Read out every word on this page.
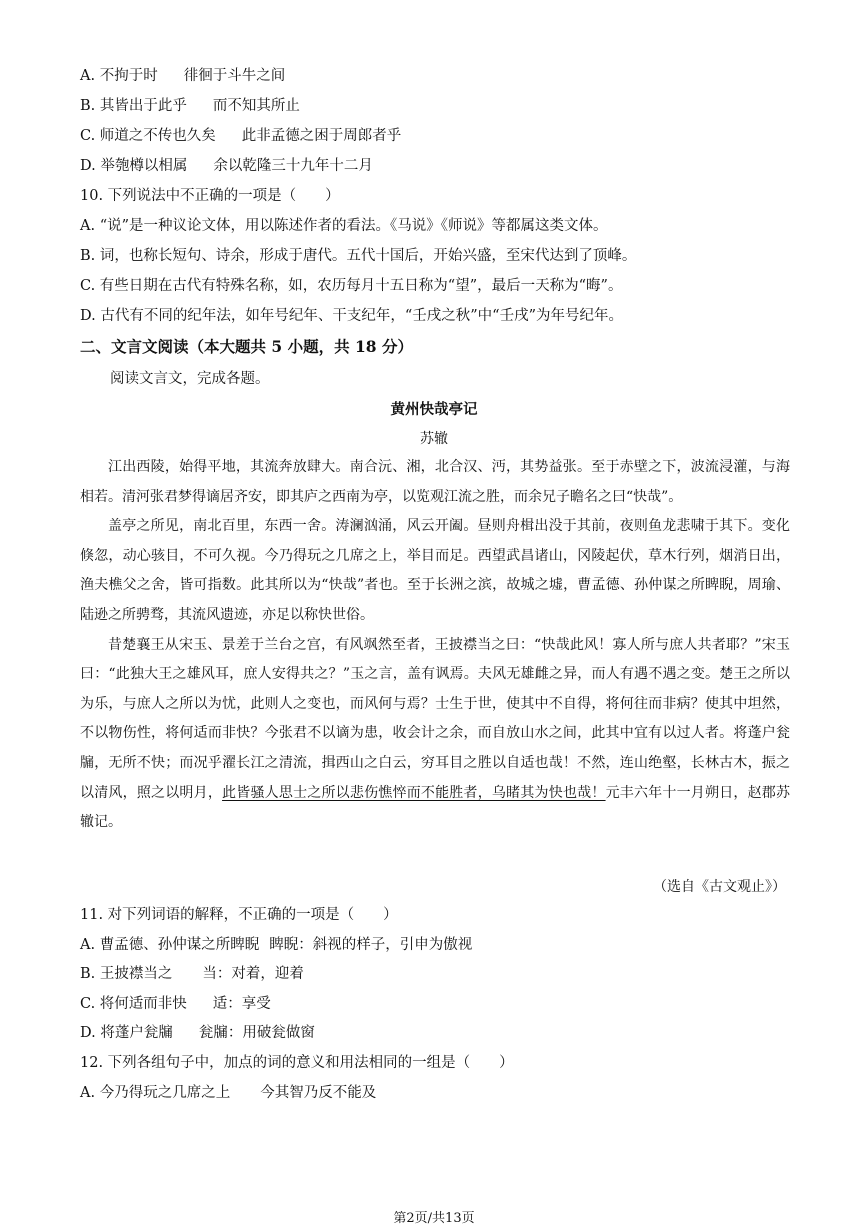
A. 不拘于时 徘徊于斗牛之间
B. 其皆出于此乎 而不知其所止
C. 师道之不传也久矣 此非孟德之困于周郎者乎
D. 举匏樽以相属 余以乾隆三十九年十二月
10. 下列说法中不正确的一项是（　　）
A. “说”是一种议论文体，用以陈述作者的看法。《马说》《师说》等都属这类文体。
B. 词，也称长短句、诗余，形成于唐代。五代十国后，开始兴盛，至宋代达到了顶峰。
C. 有些日期在古代有特殊名称，如，农历每月十五日称为“望”，最后一天称为“晦”。
D. 古代有不同的纪年法，如年号纪年、干支纪年，“壬戌之秋”中“壬戌”为年号纪年。
二、文言文阅读（本大题共 5 小题，共 18 分）
阅读文言文，完成各题。
黄州快哉亭记
苏辙

江出西陵，始得平地，其流奔放肆大。南合沅、湘，北合汉、沔，其势益张。至于赤壁之下，波流浸灌，与海相若。清河张君梦得谪居齐安，即其庐之西南为亭，以览观江流之胜，而余兄子瞻名之曰“快哉”。

盖亭之所见，南北百里，东西一舍。涛澜汹涌，风云开阖。昼则舟楫出没于其前，夜则鱼龙悲啸于其下。变化倏忽，动心骇目，不可久视。今乃得玩之几席之上，举目而足。西望武昌诸山，冈陵起伏，草木行列，烟消日出，渔夫樵父之舍，皆可指数。此其所以为“快哉”者也。至于长洲之滨，故城之墟，曹孟德、孙仲谋之所睥睨，周瑜、陆逊之所骋骛，其流风遗迹，亦足以称快世俗。

昔楚襄王从宋玉、景差于兰台之宫，有风飒然至者，王披襟当之曰：“快哉此风！寡人所与庶人共者耶？”宋玉曰：“此独大王之雄风耳，庶人安得共之？”玉之言，盖有讽焉。夫风无雄雌之异，而人有遇不遇之变。楚王之所以为乐，与庶人之所以为忧，此则人之变也，而风何与焉？士生于世，使其中不自得，将何往而非病？使其中坦然，不以物伤性，将何适而非快？今张君不以谪为患，收会计之余，而自放山水之间，此其中宜有以过人者。将蓬户瓮牖，无所不快；而况乎濯长江之清流，揖西山之白云，穷耳目之胜以自适也哉！不然，连山绝壑，长林古木，振之以清风，照之以明月，此皆骚人思士之所以悲伤憔悴而不能胜者，乌睹其为快也哉！元丰六年十一月朔日，赵郡苏辙记。

（选自《古文观止》）
11. 对下列词语的解释，不正确的一项是（　　）
A. 曹孟德、孙仲谋之所睥睨 睥睨：斜视的样子，引申为傲视
B. 王披襟当之 当：对着，迎着
C. 将何适而非快 适：享受
D. 将蓬户瓮牖 瓮牖：用破瓮做窗
12. 下列各组句子中，加点的词的意义和用法相同的一组是（　　）
A. 今乃得玩之几席之上 今其智乃反不能及
第2页/共13页
